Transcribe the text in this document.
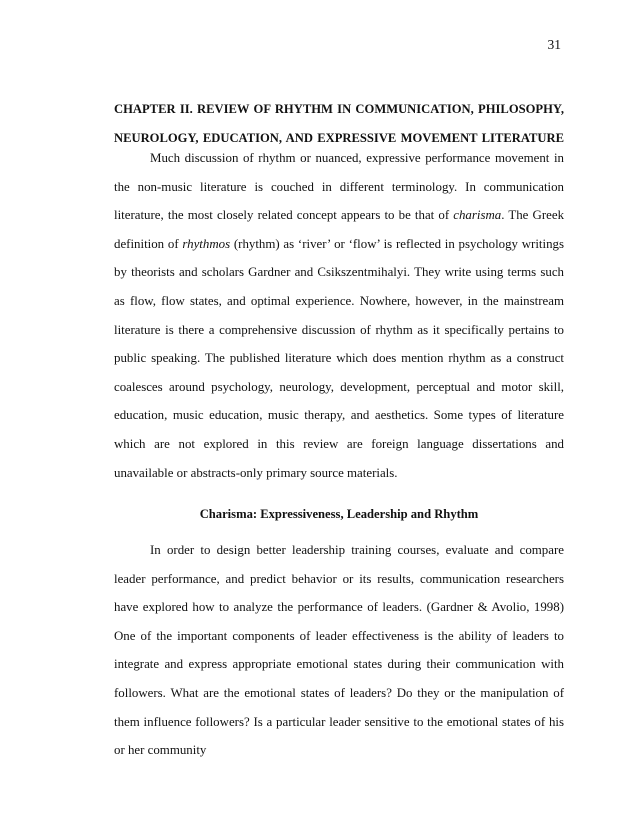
31
CHAPTER II. REVIEW OF RHYTHM IN COMMUNICATION, PHILOSOPHY, NEUROLOGY, EDUCATION, AND EXPRESSIVE MOVEMENT LITERATURE

Much discussion of rhythm or nuanced, expressive performance movement in the non-music literature is couched in different terminology. In communication literature, the most closely related concept appears to be that of charisma. The Greek definition of rhythmos (rhythm) as ‘river’ or ‘flow’ is reflected in psychology writings by theorists and scholars Gardner and Csikszentmihalyi. They write using terms such as flow, flow states, and optimal experience. Nowhere, however, in the mainstream literature is there a comprehensive discussion of rhythm as it specifically pertains to public speaking. The published literature which does mention rhythm as a construct coalesces around psychology, neurology, development, perceptual and motor skill, education, music education, music therapy, and aesthetics. Some types of literature which are not explored in this review are foreign language dissertations and unavailable or abstracts-only primary source materials.

Charisma: Expressiveness, Leadership and Rhythm

In order to design better leadership training courses, evaluate and compare leader performance, and predict behavior or its results, communication researchers have explored how to analyze the performance of leaders. (Gardner & Avolio, 1998) One of the important components of leader effectiveness is the ability of leaders to integrate and express appropriate emotional states during their communication with followers. What are the emotional states of leaders? Do they or the manipulation of them influence followers? Is a particular leader sensitive to the emotional states of his or her community
